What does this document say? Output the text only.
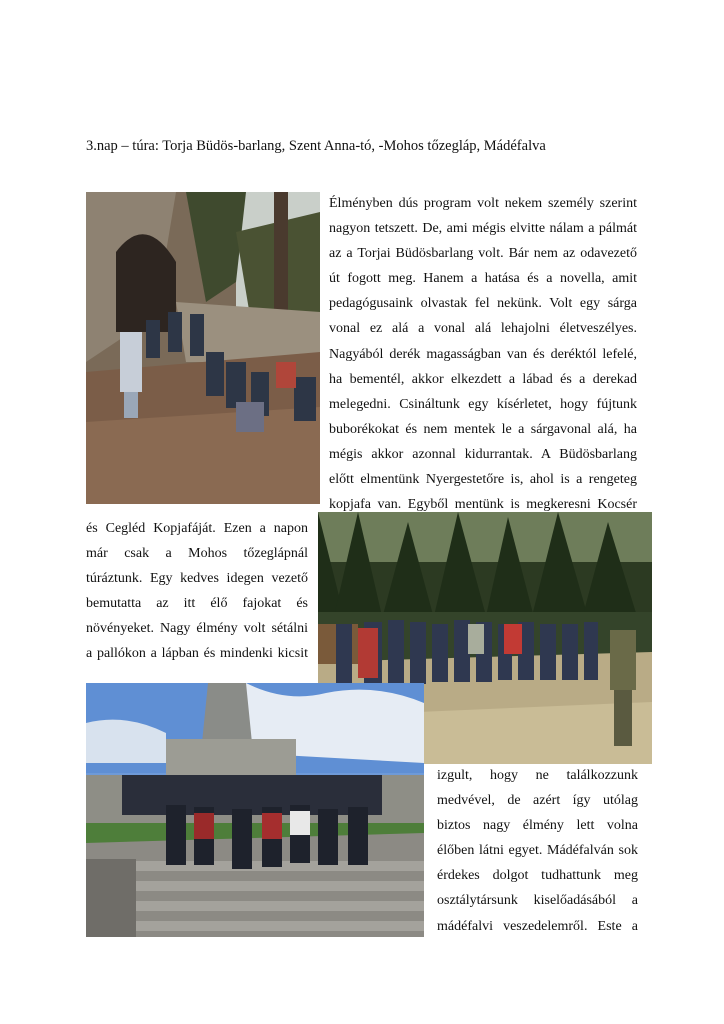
3.nap – túra: Torja Büdös-barlang, Szent Anna-tó, -Mohos tőzegláp, Mádéfalva
Élményben dús program volt nekem személy szerint
nagyon tetszett. De, ami mégis elvitte nálam a pálmát
az a Torjai Büdösbarlang volt. Bár nem az odavezető
út fogott meg. Hanem a hatása és a novella, amit
pedagógusaink olvastak fel nekünk. Volt egy sárga
vonal ez alá a vonal alá lehajolni életveszélyes.
Nagyából derék magasságban van és deréktól lefelé,
ha bementél, akkor elkezdett a lábad és a derekad
melegedni. Csináltunk egy kísérletet, hogy fújtunk
buborékokat és nem mentek le a sárgavonal alá, ha
mégis akkor azonnal kidurrantak. A Büdösbarlang
előtt elmentünk Nyergestetőre is, ahol is a rengeteg
kopjafa van. Egyből mentünk is megkeresni Kocsér
és Cegléd Kopjafáját. Ezen a napon
már csak a Mohos tőzeglápnál
túráztunk. Egy kedves idegen vezető
bemutatta az itt élő fajokat és
növényeket. Nagy élmény volt sétálni
a pallókon a lápban és mindenki kicsit
izgult, hogy ne találkozzunk
medvével, de azért így utólag
biztos nagy élmény lett volna
élőben látni egyet. Mádéfalván sok
érdekes dolgot tudhattunk meg
osztálytársunk kiselőadásából a
mádéfalvi veszedelemről. Este a
